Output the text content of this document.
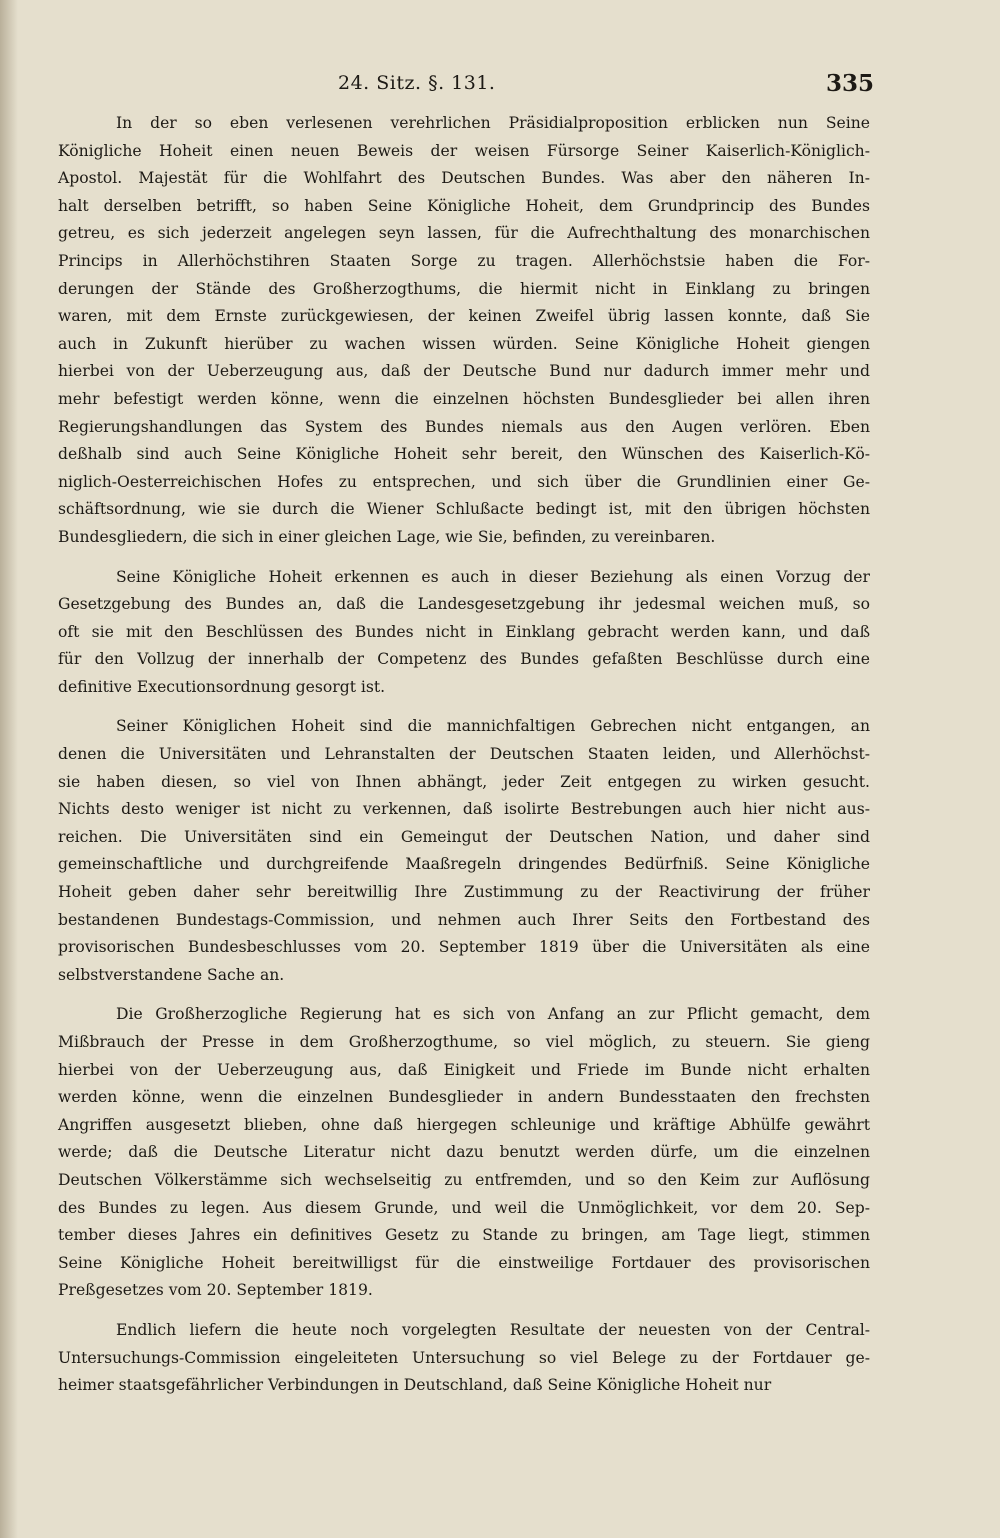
24. Sitz. §. 131.	335
In der so eben verlesenen verehrlichen Präsidialproposition erblicken nun Seine
Königliche Hoheit einen neuen Beweis der weisen Fürsorge Seiner Kaiserlich-Königlich-
Apostol. Majestät für die Wohlfahrt des Deutschen Bundes. Was aber den näheren In-
halt derselben betrifft, so haben Seine Königliche Hoheit, dem Grundprincip des Bundes
getreu, es sich jederzeit angelegen seyn lassen, für die Aufrechthaltung des monarchischen
Princips in Allerhöchstihren Staaten Sorge zu tragen. Allerhöchstsie haben die For-
derungen der Stände des Großherzogthums, die hiermit nicht in Einklang zu bringen
waren, mit dem Ernste zurückgewiesen, der keinen Zweifel übrig lassen konnte, daß Sie
auch in Zukunft hierüber zu wachen wissen würden. Seine Königliche Hoheit giengen
hierbei von der Ueberzeugung aus, daß der Deutsche Bund nur dadurch immer mehr und
mehr befestigt werden könne, wenn die einzelnen höchsten Bundesglieder bei allen ihren
Regierungshandlungen das System des Bundes niemals aus den Augen verlören. Eben
deßhalb sind auch Seine Königliche Hoheit sehr bereit, den Wünschen des Kaiserlich-Kö-
niglich-Oesterreichischen Hofes zu entsprechen, und sich über die Grundlinien einer Ge-
schäftsordnung, wie sie durch die Wiener Schlußacte bedingt ist, mit den übrigen höchsten
Bundesgliedern, die sich in einer gleichen Lage, wie Sie, befinden, zu vereinbaren.
Seine Königliche Hoheit erkennen es auch in dieser Beziehung als einen Vorzug der
Gesetzgebung des Bundes an, daß die Landesgesetzgebung ihr jedesmal weichen muß, so
oft sie mit den Beschlüssen des Bundes nicht in Einklang gebracht werden kann, und daß
für den Vollzug der innerhalb der Competenz des Bundes gefaßten Beschlüsse durch eine
definitive Executionsordnung gesorgt ist.
Seiner Königlichen Hoheit sind die mannichfaltigen Gebrechen nicht entgangen, an
denen die Universitäten und Lehranstalten der Deutschen Staaten leiden, und Allerhöchst-
sie haben diesen, so viel von Ihnen abhängt, jeder Zeit entgegen zu wirken gesucht.
Nichts desto weniger ist nicht zu verkennen, daß isolirte Bestrebungen auch hier nicht aus-
reichen. Die Universitäten sind ein Gemeingut der Deutschen Nation, und daher sind
gemeinschaftliche und durchgreifende Maaßregeln dringendes Bedürfniß. Seine Königliche
Hoheit geben daher sehr bereitwillig Ihre Zustimmung zu der Reactivirung der früher
bestandenen Bundestags-Commission, und nehmen auch Ihrer Seits den Fortbestand des
provisorischen Bundesbeschlusses vom 20. September 1819 über die Universitäten als eine
selbstverstandene Sache an.
Die Großherzogliche Regierung hat es sich von Anfang an zur Pflicht gemacht, dem
Mißbrauch der Presse in dem Großherzogthume, so viel möglich, zu steuern. Sie gieng
hierbei von der Ueberzeugung aus, daß Einigkeit und Friede im Bunde nicht erhalten
werden könne, wenn die einzelnen Bundesglieder in andern Bundesstaaten den frechsten
Angriffen ausgesetzt blieben, ohne daß hiergegen schleunige und kräftige Abhülfe gewährt
werde; daß die Deutsche Literatur nicht dazu benutzt werden dürfe, um die einzelnen
Deutschen Völkerstämme sich wechselseitig zu entfremden, und so den Keim zur Auflösung
des Bundes zu legen. Aus diesem Grunde, und weil die Unmöglichkeit, vor dem 20. Sep-
tember dieses Jahres ein definitives Gesetz zu Stande zu bringen, am Tage liegt, stimmen
Seine Königliche Hoheit bereitwilligst für die einstweilige Fortdauer des provisorischen
Preßgesetzes vom 20. September 1819.
Endlich liefern die heute noch vorgelegten Resultate der neuesten von der Central-
Untersuchungs-Commission eingeleiteten Untersuchung so viel Belege zu der Fortdauer ge-
heimer staatsgefährlicher Verbindungen in Deutschland, daß Seine Königliche Hoheit nur
